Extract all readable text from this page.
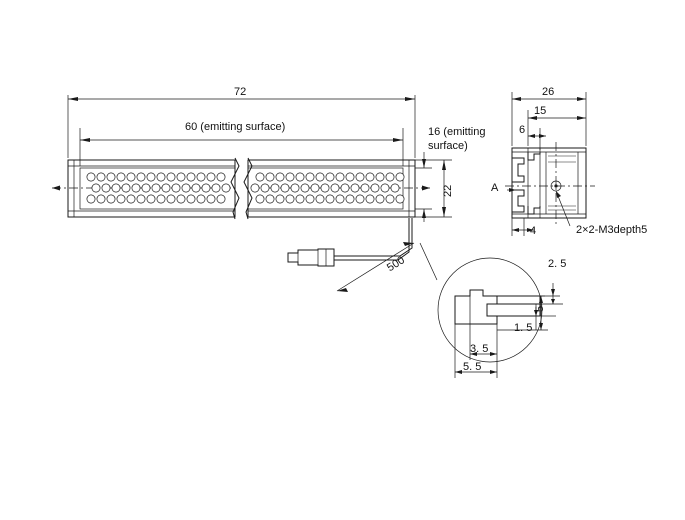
72
60 (emitting surface)	16 (emitting
surface)
22
500
26
15
6
4
A
2×2-M3depth5
2. 5
5
1. 5
3. 5
5. 5
